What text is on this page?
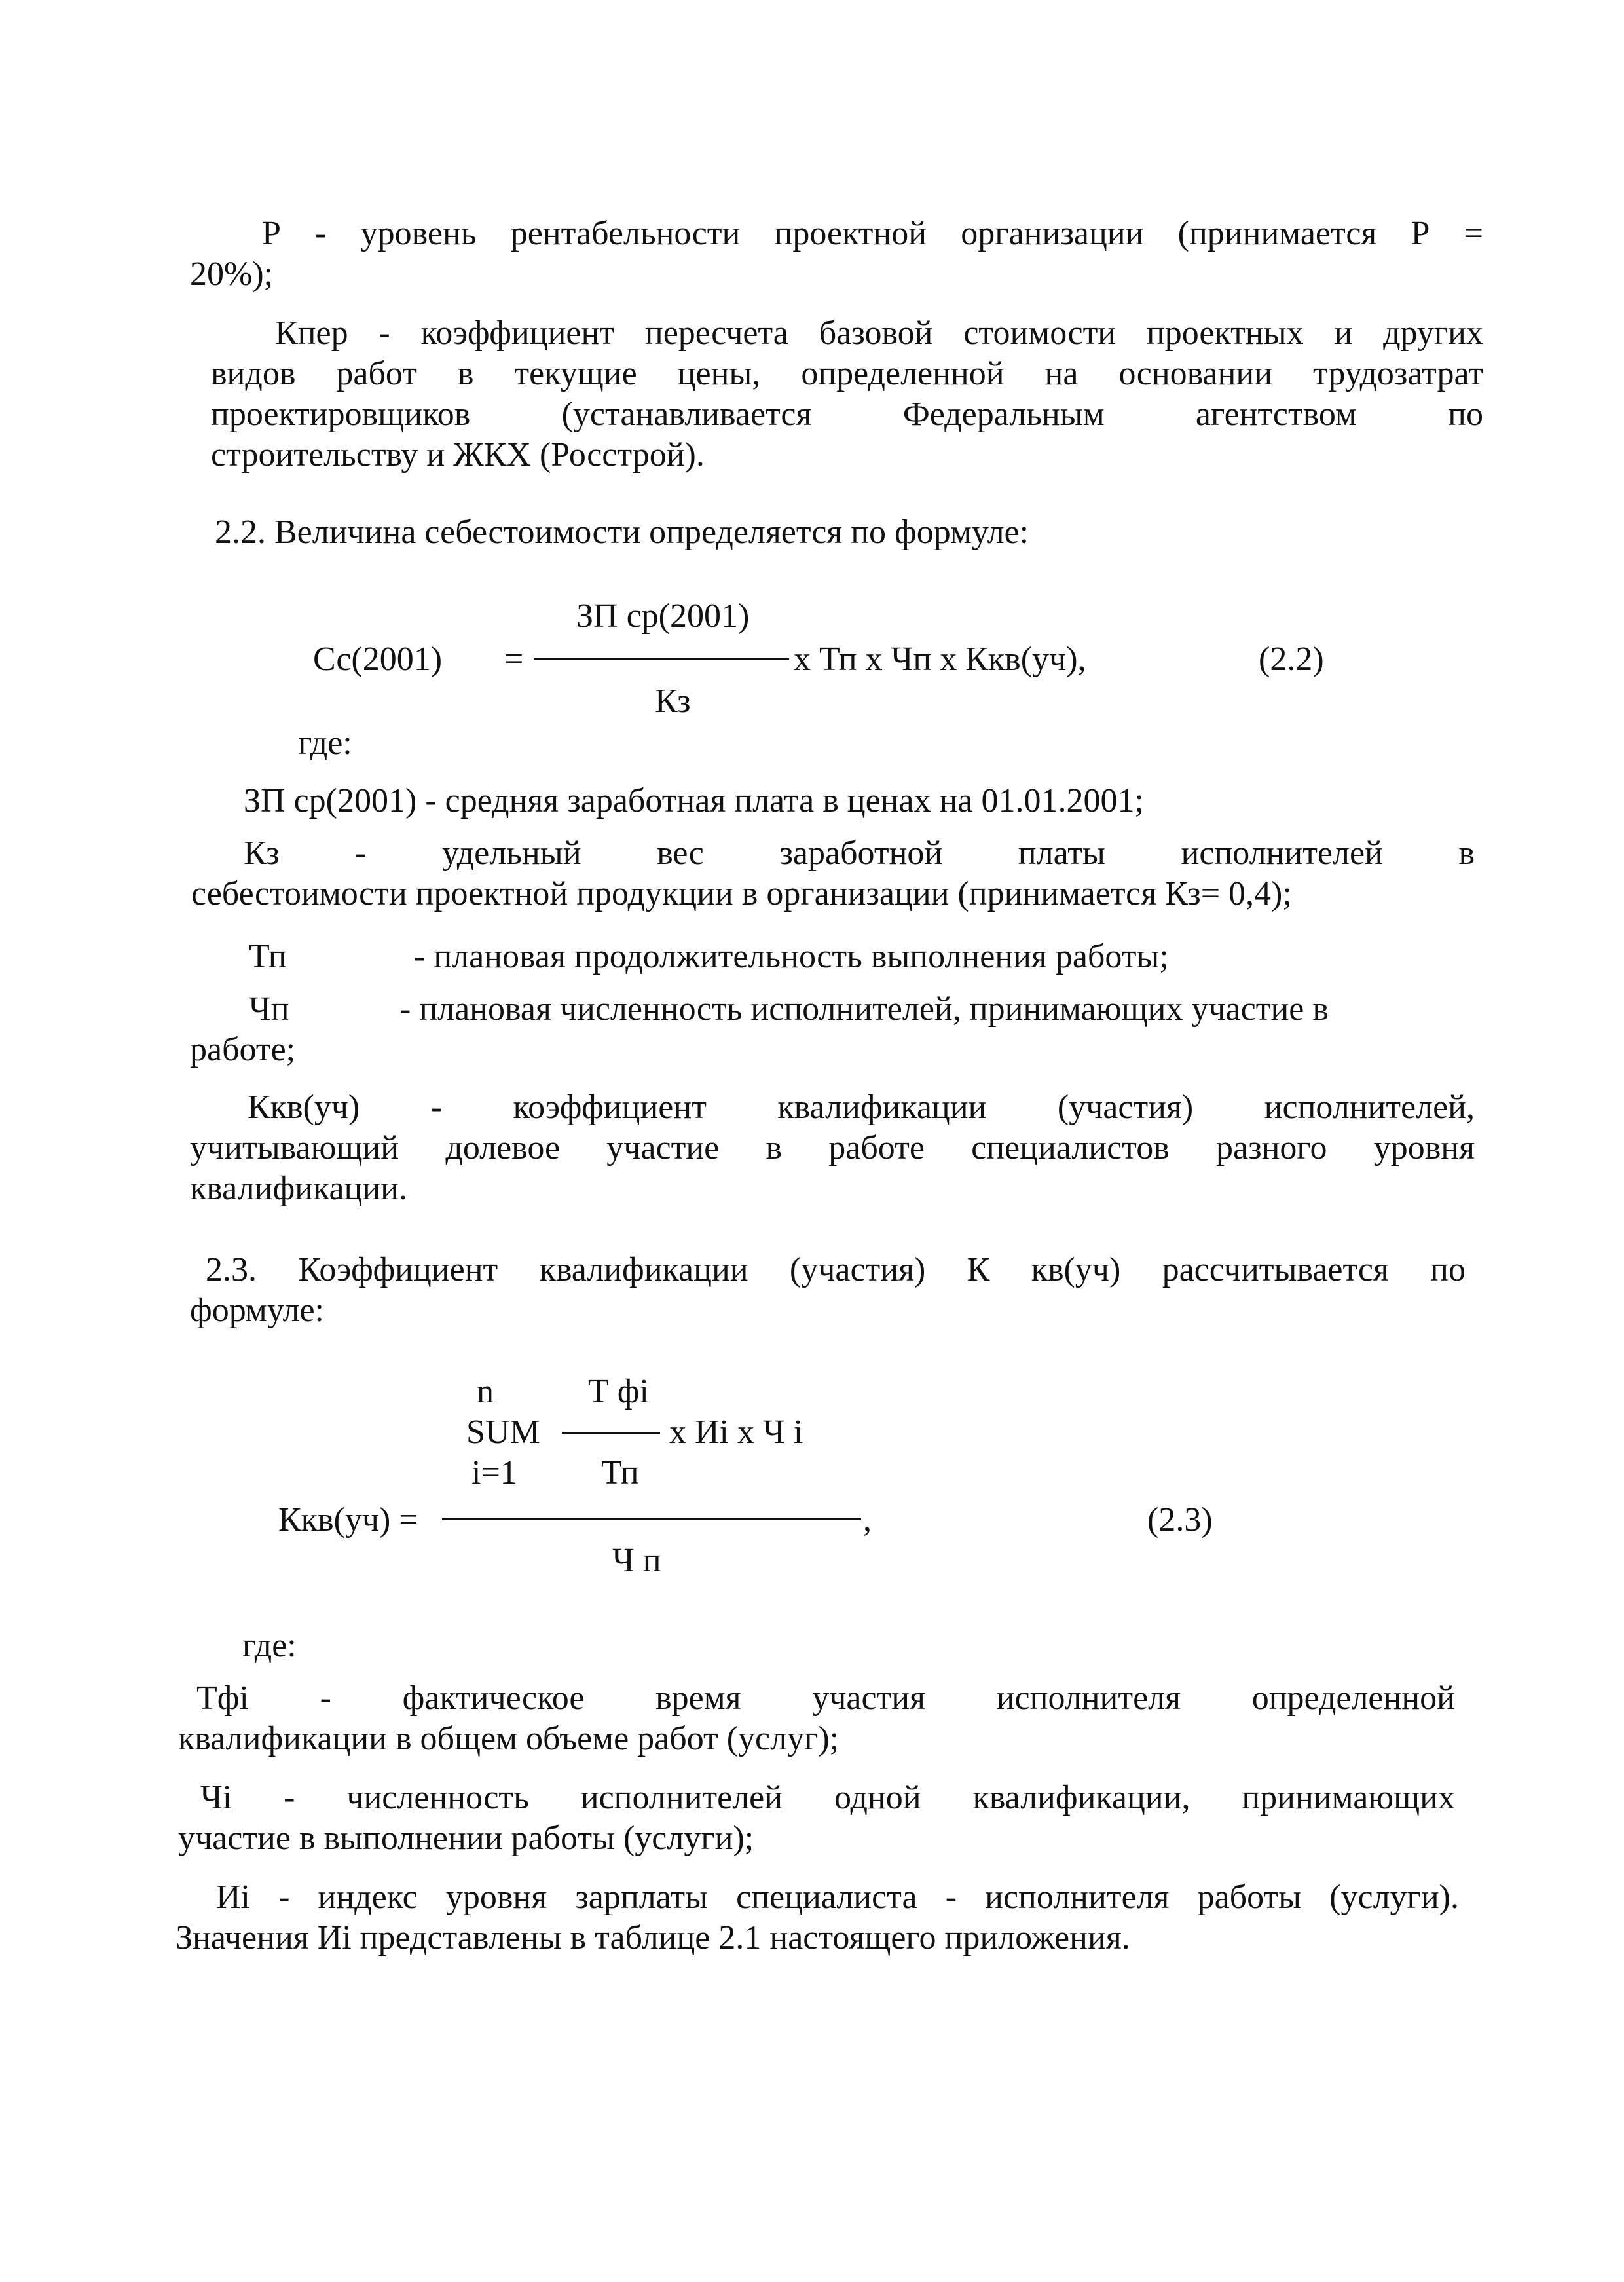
Р - уровень рентабельности проектной организации (принимается Р =
20%);
Кпер - коэффициент пересчета базовой стоимости проектных и других
видов работ в текущие цены, определенной на основании трудозатрат
проектировщиков (устанавливается Федеральным агентством по
строительству и ЖКХ (Росстрой).
2.2. Величина себестоимости определяется по формуле:
ЗП ср(2001)
Сс(2001) =	х Тп х Чп х Ккв(уч),	(2.2)
Кз
где:
ЗП ср(2001) - средняя заработная плата в ценах на 01.01.2001;
Кз - удельный вес заработной платы исполнителей в
себестоимости проектной продукции в организации (принимается Кз= 0,4);
Тп	- плановая продолжительность выполнения работы;
Чп	- плановая численность исполнителей, принимающих участие в
работе;
Ккв(уч) - коэффициент квалификации (участия) исполнителей,
учитывающий долевое участие в работе специалистов разного уровня
квалификации.
2.3. Коэффициент квалификации (участия) К кв(уч) рассчитывается по
формуле:
n	Т фi
SUM	х Иi х Ч i
i=1 Тп
Ккв(уч) =	,	(2.3)
Ч п
где:
Тфi - фактическое время участия исполнителя определенной
квалификации в общем объеме работ (услуг);
Чi - численность исполнителей одной квалификации, принимающих
участие в выполнении работы (услуги);
Иi - индекс уровня зарплаты специалиста - исполнителя работы (услуги).
Значения Иi представлены в таблице 2.1 настоящего приложения.
